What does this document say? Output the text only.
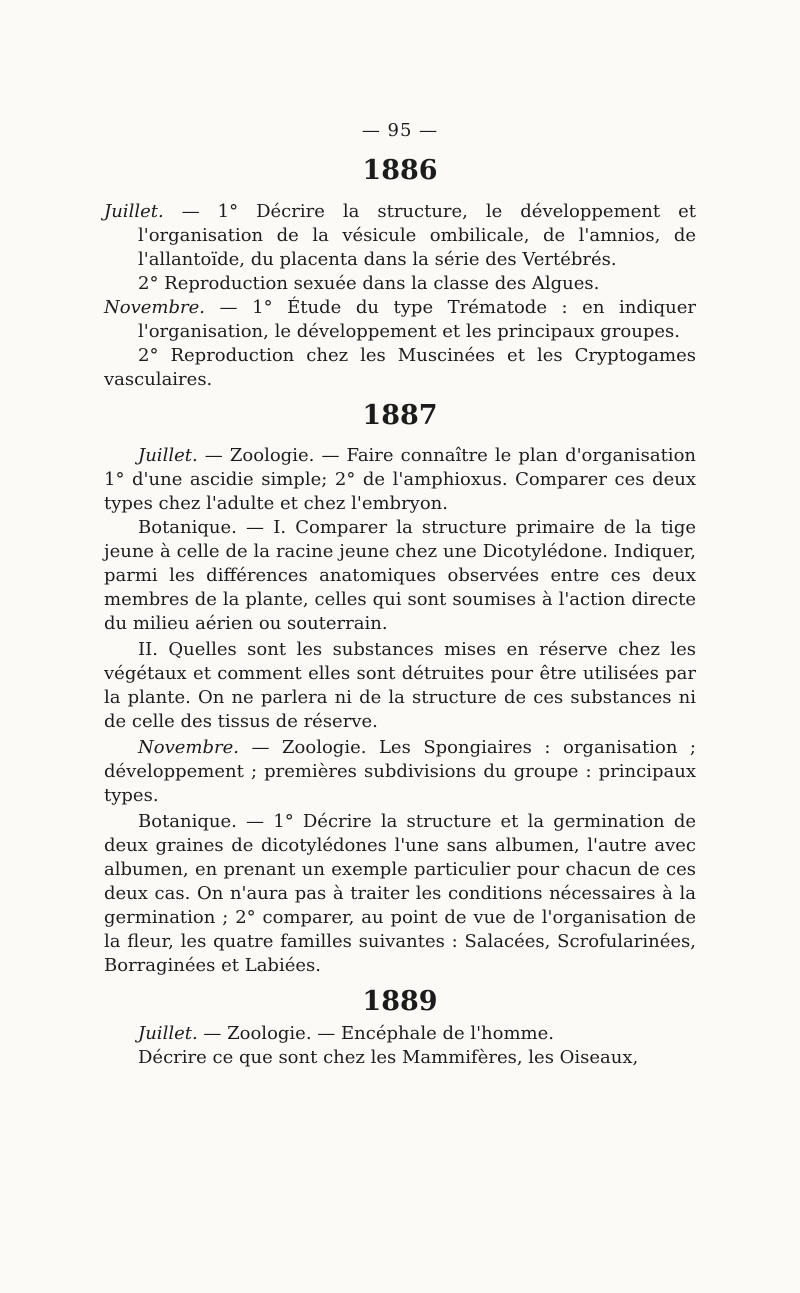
— 95 —
1886
Juillet. — 1° Décrire la structure, le développement et l'organisation de la vésicule ombilicale, de l'amnios, de l'allantoïde, du placenta dans la série des Vertébrés.
2° Reproduction sexuée dans la classe des Algues.
Novembre. — 1° Étude du type Trématode : en indiquer l'organisation, le développement et les principaux groupes.
2° Reproduction chez les Muscinées et les Cryptogames vasculaires.
1887
Juillet. — Zoologie. — Faire connaître le plan d'organisation 1° d'une ascidie simple; 2° de l'amphioxus. Comparer ces deux types chez l'adulte et chez l'embryon.
Botanique. — I. Comparer la structure primaire de la tige jeune à celle de la racine jeune chez une Dicotylédone. Indiquer, parmi les différences anatomiques observées entre ces deux membres de la plante, celles qui sont soumises à l'action directe du milieu aérien ou souterrain.
II. Quelles sont les substances mises en réserve chez les végétaux et comment elles sont détruites pour être utilisées par la plante. On ne parlera ni de la structure de ces substances ni de celle des tissus de réserve.
Novembre. — Zoologie. Les Spongiaires : organisation ; développement ; premières subdivisions du groupe : principaux types.
Botanique. — 1° Décrire la structure et la germination de deux graines de dicotylédones l'une sans albumen, l'autre avec albumen, en prenant un exemple particulier pour chacun de ces deux cas. On n'aura pas à traiter les conditions nécessaires à la germination ; 2° comparer, au point de vue de l'organisation de la fleur, les quatre familles suivantes : Salacées, Scrofularinées, Borraginées et Labiées.
1889
Juillet. — Zoologie. — Encéphale de l'homme.
Décrire ce que sont chez les Mammifères, les Oiseaux,
